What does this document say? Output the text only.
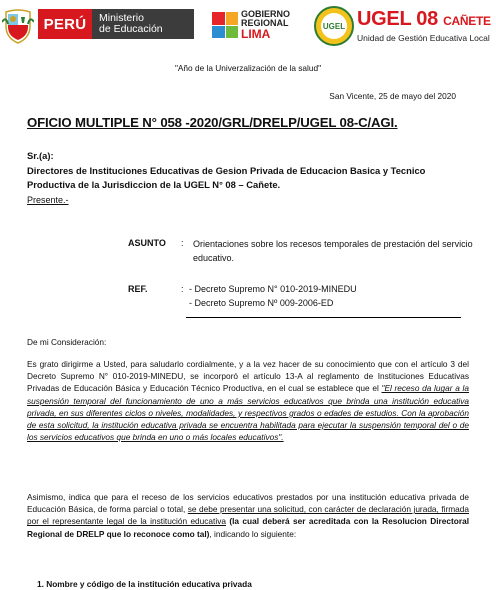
PERÚ	Ministerio
de Educación
GOBIERNO
REGIONAL
LIMA
UGEL UGEL 08 CAÑETE
Unidad de Gestión Educativa Local

"Año de la Univerzalización de la salud"

San Vicente, 25 de mayo del 2020

OFICIO MULTIPLE N° 058 -2020/GRL/DRELP/UGEL 08-C/AGI.

Sr.(a):

Directores de Instituciones Educativas de Gesion Privada de Educacion Basica y Tecnico Productiva de la Jurisdiccion de la UGEL N° 08 – Cañete.

Presente.-

ASUNTO : Orientaciones sobre los recesos temporales de prestación del servicio educativo.

REF.	: - Decreto Supremo N° 010-2019-MINEDU

- Decreto Supremo Nº 009-2006-ED

De mi Consideración:

Es grato dirigirme a Usted, para saludarlo cordialmente, y a la vez hacer de su conocimiento que con el artículo 3 del Decreto Supremo N° 010-2019-MINEDU, se incorporó el artículo 13-A al reglamento de Instituciones Educativas Privadas de Educación Básica y Educación Técnico Productiva, en el cual se establece que el "El receso da lugar a la suspensión temporal del funcionamiento de uno a más servicios educativos que brinda una institución educativa privada, en sus diferentes ciclos o niveles, modalidades, y respectivos grados o edades de estudios. Con la aprobación de esta solicitud, la institución educativa privada se encuentra habilitada para ejecutar la suspensión temporal del o de los servicios educativos que brinda en uno o más locales educativos".

Asimismo, indica que para el receso de los servicios educativos prestados por una institución educativa privada de Educación Básica, de forma parcial o total, se debe presentar una solicitud, con carácter de declaración jurada, firmada por el representante legal de la institución educativa (la cual deberá ser acreditada con la Resolucion Directoral Regional de DRELP que lo reconoce como tal), indicando lo siguiente:

1. Nombre y código de la institución educativa privada
